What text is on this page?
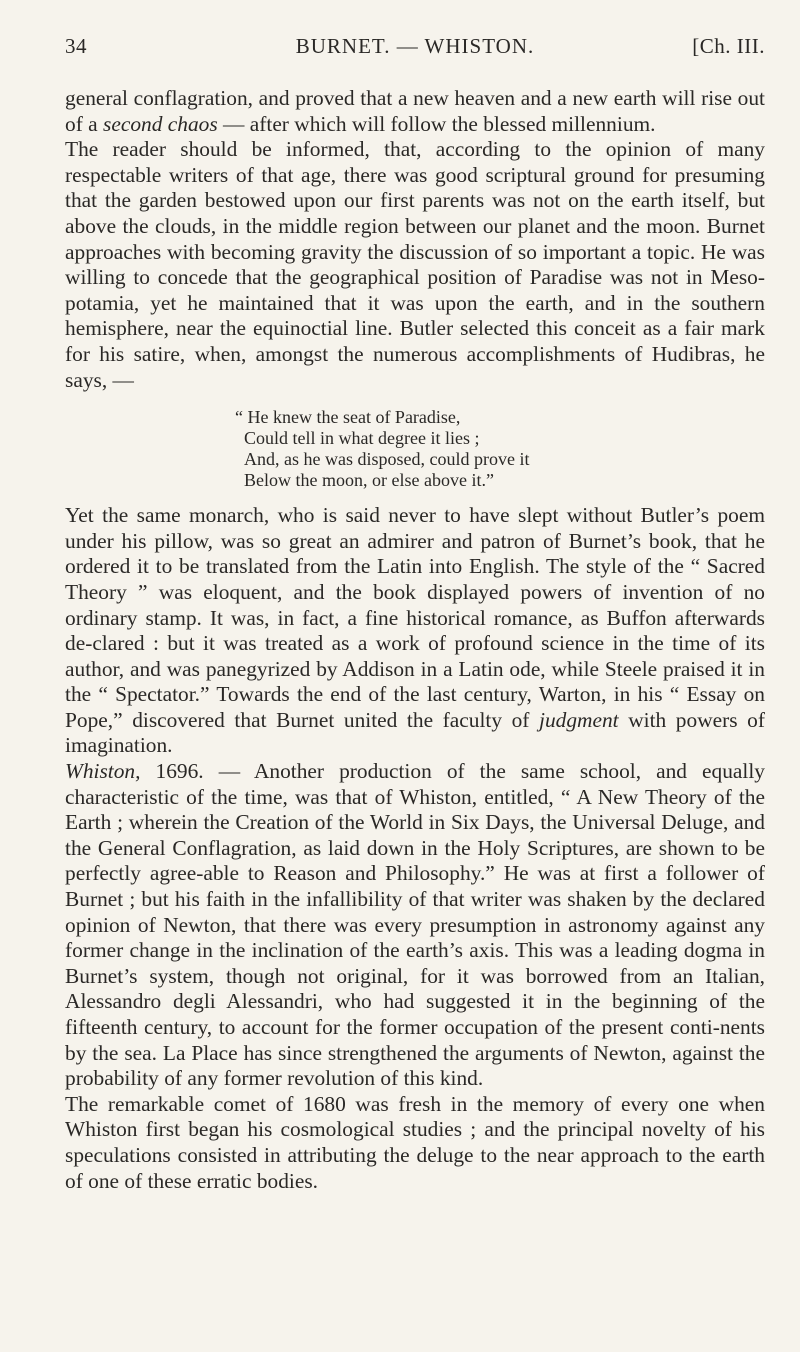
34	BURNET. — WHISTON.	[Ch. III.

general conflagration, and proved that a new heaven and a new earth will rise out of a second chaos — after which will follow the blessed millennium.

The reader should be informed, that, according to the opinion of many respectable writers of that age, there was good scriptural ground for presuming that the garden bestowed upon our first parents was not on the earth itself, but above the clouds, in the middle region between our planet and the moon. Burnet approaches with becoming gravity the discussion of so important a topic. He was willing to concede that the geographical position of Paradise was not in Meso-potamia, yet he maintained that it was upon the earth, and in the southern hemisphere, near the equinoctial line. Butler selected this conceit as a fair mark for his satire, when, amongst the numerous accomplishments of Hudibras, he says, —

“ He knew the seat of Paradise,
Could tell in what degree it lies ;
And, as he was disposed, could prove it
Below the moon, or else above it.”

Yet the same monarch, who is said never to have slept without Butler’s poem under his pillow, was so great an admirer and patron of Burnet’s book, that he ordered it to be translated from the Latin into English. The style of the “ Sacred Theory ” was eloquent, and the book displayed powers of invention of no ordinary stamp. It was, in fact, a fine historical romance, as Buffon afterwards de-clared : but it was treated as a work of profound science in the time of its author, and was panegyrized by Addison in a Latin ode, while Steele praised it in the “ Spectator.” Towards the end of the last century, Warton, in his “ Essay on Pope,” discovered that Burnet united the faculty of judgment with powers of imagination.

Whiston, 1696. — Another production of the same school, and equally characteristic of the time, was that of Whiston, entitled, “ A New Theory of the Earth ; wherein the Creation of the World in Six Days, the Universal Deluge, and the General Conflagration, as laid down in the Holy Scriptures, are shown to be perfectly agree-able to Reason and Philosophy.” He was at first a follower of Burnet ; but his faith in the infallibility of that writer was shaken by the declared opinion of Newton, that there was every presumption in astronomy against any former change in the inclination of the earth’s axis. This was a leading dogma in Burnet’s system, though not original, for it was borrowed from an Italian, Alessandro degli Alessandri, who had suggested it in the beginning of the fifteenth century, to account for the former occupation of the present conti-nents by the sea. La Place has since strengthened the arguments of Newton, against the probability of any former revolution of this kind.

The remarkable comet of 1680 was fresh in the memory of every one when Whiston first began his cosmological studies ; and the principal novelty of his speculations consisted in attributing the deluge to the near approach to the earth of one of these erratic bodies.
